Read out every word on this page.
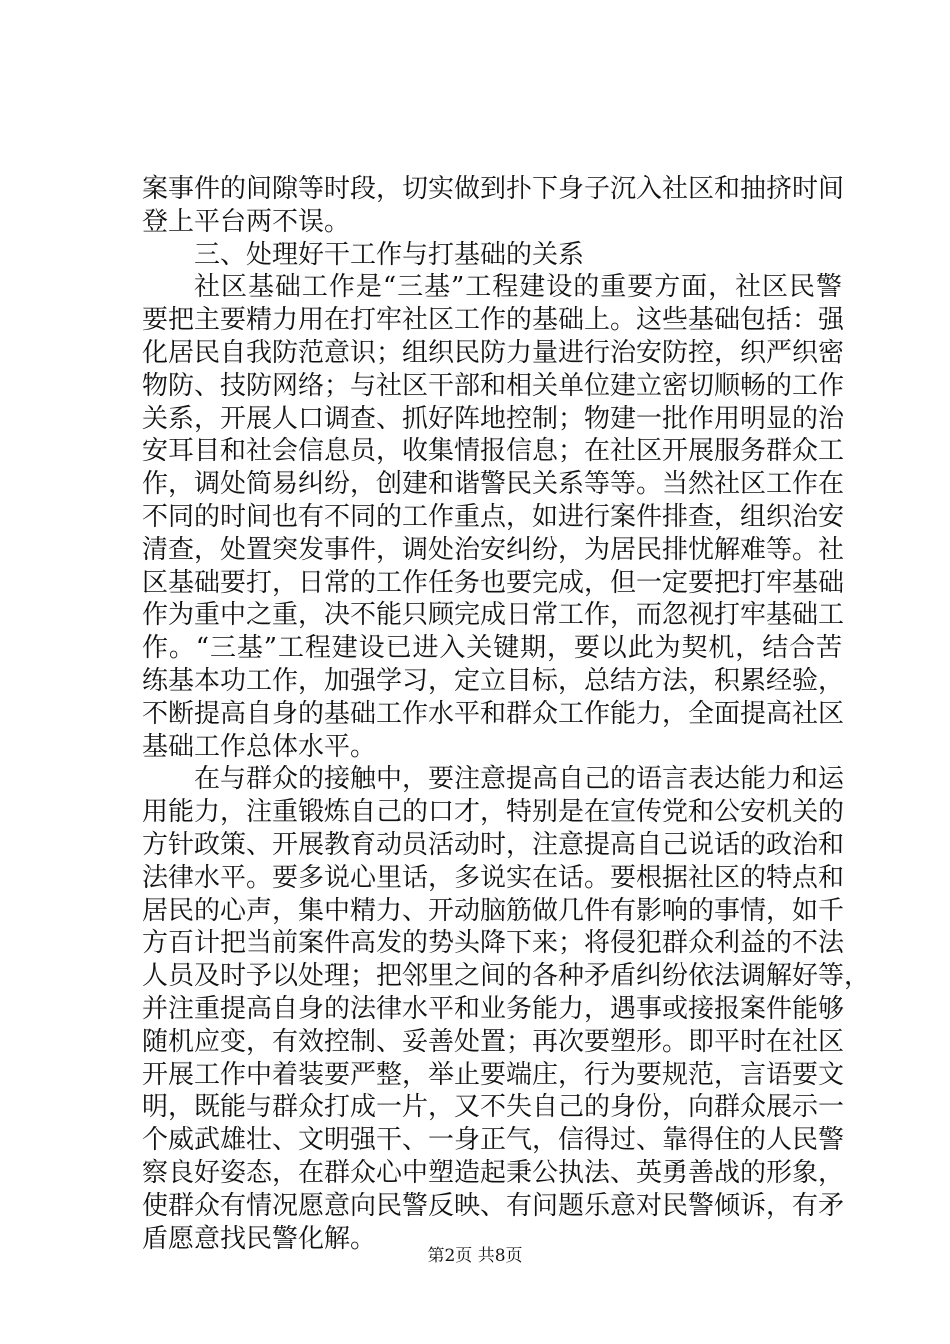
案事件的间隙等时段，切实做到扑下身子沉入社区和抽挤时间
登上平台两不误。
三、处理好干工作与打基础的关系
社区基础工作是“三基”工程建设的重要方面，社区民警
要把主要精力用在打牢社区工作的基础上。这些基础包括：强
化居民自我防范意识；组织民防力量进行治安防控，织严织密
物防、技防网络；与社区干部和相关单位建立密切顺畅的工作
关系，开展人口调查、抓好阵地控制；物建一批作用明显的治
安耳目和社会信息员，收集情报信息；在社区开展服务群众工
作，调处简易纠纷，创建和谐警民关系等等。当然社区工作在
不同的时间也有不同的工作重点，如进行案件排查，组织治安
清查，处置突发事件，调处治安纠纷，为居民排忧解难等。社
区基础要打，日常的工作任务也要完成，但一定要把打牢基础
作为重中之重，决不能只顾完成日常工作，而忽视打牢基础工
作。“三基”工程建设已进入关键期，要以此为契机，结合苦
练基本功工作，加强学习，定立目标，总结方法，积累经验，
不断提高自身的基础工作水平和群众工作能力，全面提高社区
基础工作总体水平。
在与群众的接触中，要注意提高自己的语言表达能力和运
用能力，注重锻炼自己的口才，特别是在宣传党和公安机关的
方针政策、开展教育动员活动时，注意提高自己说话的政治和
法律水平。要多说心里话，多说实在话。要根据社区的特点和
居民的心声，集中精力、开动脑筋做几件有影响的事情，如千
方百计把当前案件高发的势头降下来；将侵犯群众利益的不法
人员及时予以处理；把邻里之间的各种矛盾纠纷依法调解好等，
并注重提高自身的法律水平和业务能力，遇事或接报案件能够
随机应变，有效控制、妥善处置；再次要塑形。即平时在社区
开展工作中着装要严整，举止要端庄，行为要规范，言语要文
明，既能与群众打成一片，又不失自己的身份，向群众展示一
个威武雄壮、文明强干、一身正气，信得过、靠得住的人民警
察良好姿态，在群众心中塑造起秉公执法、英勇善战的形象，
使群众有情况愿意向民警反映、有问题乐意对民警倾诉，有矛
盾愿意找民警化解。
第2页 共8页
